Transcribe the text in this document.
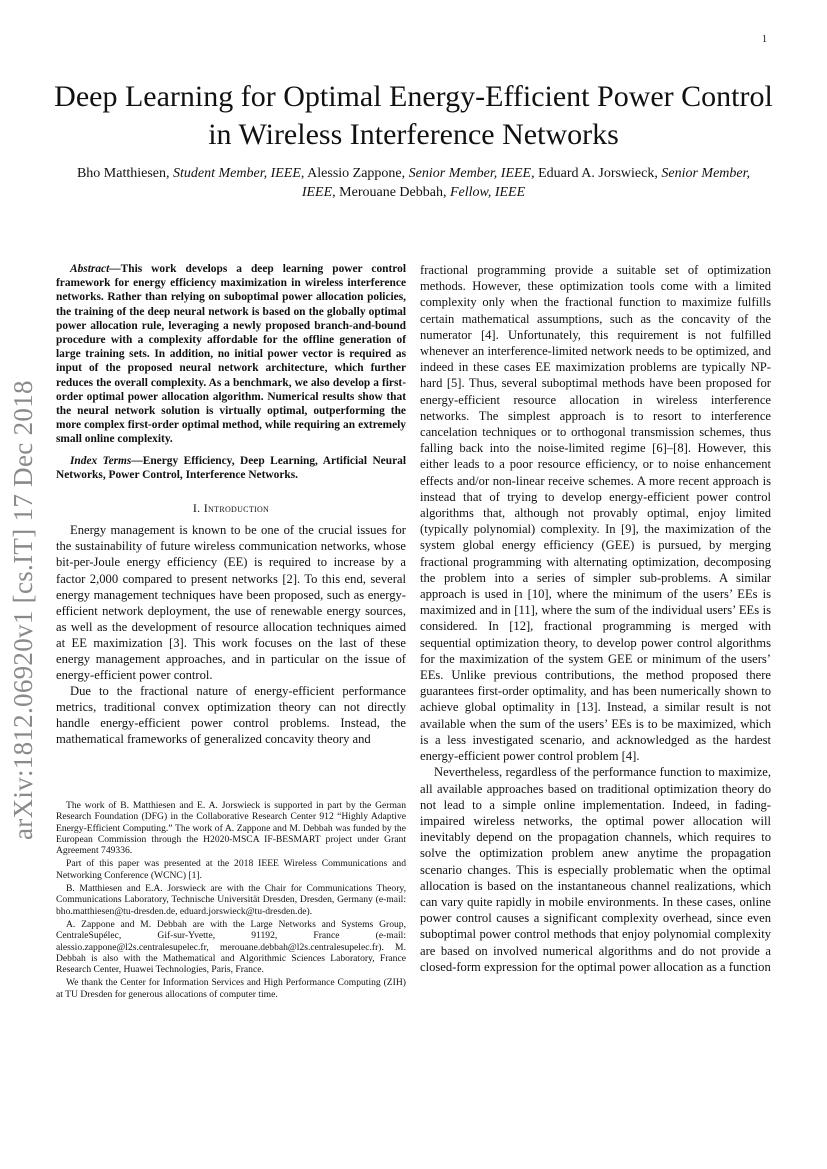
1
Deep Learning for Optimal Energy-Efficient Power Control in Wireless Interference Networks
Bho Matthiesen, Student Member, IEEE, Alessio Zappone, Senior Member, IEEE, Eduard A. Jorswieck, Senior Member, IEEE, Merouane Debbah, Fellow, IEEE
arXiv:1812.06920v1 [cs.IT] 17 Dec 2018

Abstract—This work develops a deep learning power control framework for energy efficiency maximization in wireless interference networks. Rather than relying on suboptimal power allocation policies, the training of the deep neural network is based on the globally optimal power allocation rule, leveraging a newly proposed branch-and-bound procedure with a complexity affordable for the offline generation of large training sets. In addition, no initial power vector is required as input of the proposed neural network architecture, which further reduces the overall complexity. As a benchmark, we also develop a first-order optimal power allocation algorithm. Numerical results show that the neural network solution is virtually optimal, outperforming the more complex first-order optimal method, while requiring an extremely small online complexity.

Index Terms—Energy Efficiency, Deep Learning, Artificial Neural Networks, Power Control, Interference Networks.

I. Introduction

Energy management is known to be one of the crucial issues for the sustainability of future wireless communication networks, whose bit-per-Joule energy efficiency (EE) is required to increase by a factor 2,000 compared to present networks [2]. To this end, several energy management techniques have been proposed, such as energy-efficient network deployment, the use of renewable energy sources, as well as the development of resource allocation techniques aimed at EE maximization [3]. This work focuses on the last of these energy management approaches, and in particular on the issue of energy-efficient power control.

Due to the fractional nature of energy-efficient performance metrics, traditional convex optimization theory can not directly handle energy-efficient power control problems. Instead, the mathematical frameworks of generalized concavity theory and

The work of B. Matthiesen and E. A. Jorswieck is supported in part by the German Research Foundation (DFG) in the Collaborative Research Center 912 “Highly Adaptive Energy-Efficient Computing.” The work of A. Zappone and M. Debbah was funded by the European Commission through the H2020-MSCA IF-BESMART project under Grant Agreement 749336.

Part of this paper was presented at the 2018 IEEE Wireless Communications and Networking Conference (WCNC) [1].

B. Matthiesen and E.A. Jorswieck are with the Chair for Communications Theory, Communications Laboratory, Technische Universität Dresden, Dresden, Germany (e-mail: bho.matthiesen@tu-dresden.de, eduard.jorswieck@tu-dresden.de).

A. Zappone and M. Debbah are with the Large Networks and Systems Group, CentraleSupélec, Gif-sur-Yvette, 91192, France (e-mail: alessio.zappone@l2s.centralesupelec.fr, merouane.debbah@l2s.centralesupelec.fr). M. Debbah is also with the Mathematical and Algorithmic Sciences Laboratory, France Research Center, Huawei Technologies, Paris, France.

We thank the Center for Information Services and High Performance Computing (ZIH) at TU Dresden for generous allocations of computer time.

fractional programming provide a suitable set of optimization methods. However, these optimization tools come with a limited complexity only when the fractional function to maximize fulfills certain mathematical assumptions, such as the concavity of the numerator [4]. Unfortunately, this requirement is not fulfilled whenever an interference-limited network needs to be optimized, and indeed in these cases EE maximization problems are typically NP-hard [5]. Thus, several suboptimal methods have been proposed for energy-efficient resource allocation in wireless interference networks. The simplest approach is to resort to interference cancelation techniques or to orthogonal transmission schemes, thus falling back into the noise-limited regime [6]–[8]. However, this either leads to a poor resource efficiency, or to noise enhancement effects and/or non-linear receive schemes. A more recent approach is instead that of trying to develop energy-efficient power control algorithms that, although not provably optimal, enjoy limited (typically polynomial) complexity. In [9], the maximization of the system global energy efficiency (GEE) is pursued, by merging fractional programming with alternating optimization, decomposing the problem into a series of simpler sub-problems. A similar approach is used in [10], where the minimum of the users’ EEs is maximized and in [11], where the sum of the individual users’ EEs is considered. In [12], fractional programming is merged with sequential optimization theory, to develop power control algorithms for the maximization of the system GEE or minimum of the users’ EEs. Unlike previous contributions, the method proposed there guarantees first-order optimality, and has been numerically shown to achieve global optimality in [13]. Instead, a similar result is not available when the sum of the users’ EEs is to be maximized, which is a less investigated scenario, and acknowledged as the hardest energy-efficient power control problem [4].

Nevertheless, regardless of the performance function to maximize, all available approaches based on traditional optimization theory do not lead to a simple online implementation. Indeed, in fading-impaired wireless networks, the optimal power allocation will inevitably depend on the propagation channels, which requires to solve the optimization problem anew anytime the propagation scenario changes. This is especially problematic when the optimal allocation is based on the instantaneous channel realizations, which can vary quite rapidly in mobile environments. In these cases, online power control causes a significant complexity overhead, since even suboptimal power control methods that enjoy polynomial complexity are based on involved numerical algorithms and do not provide a closed-form expression for the optimal power allocation as a function
